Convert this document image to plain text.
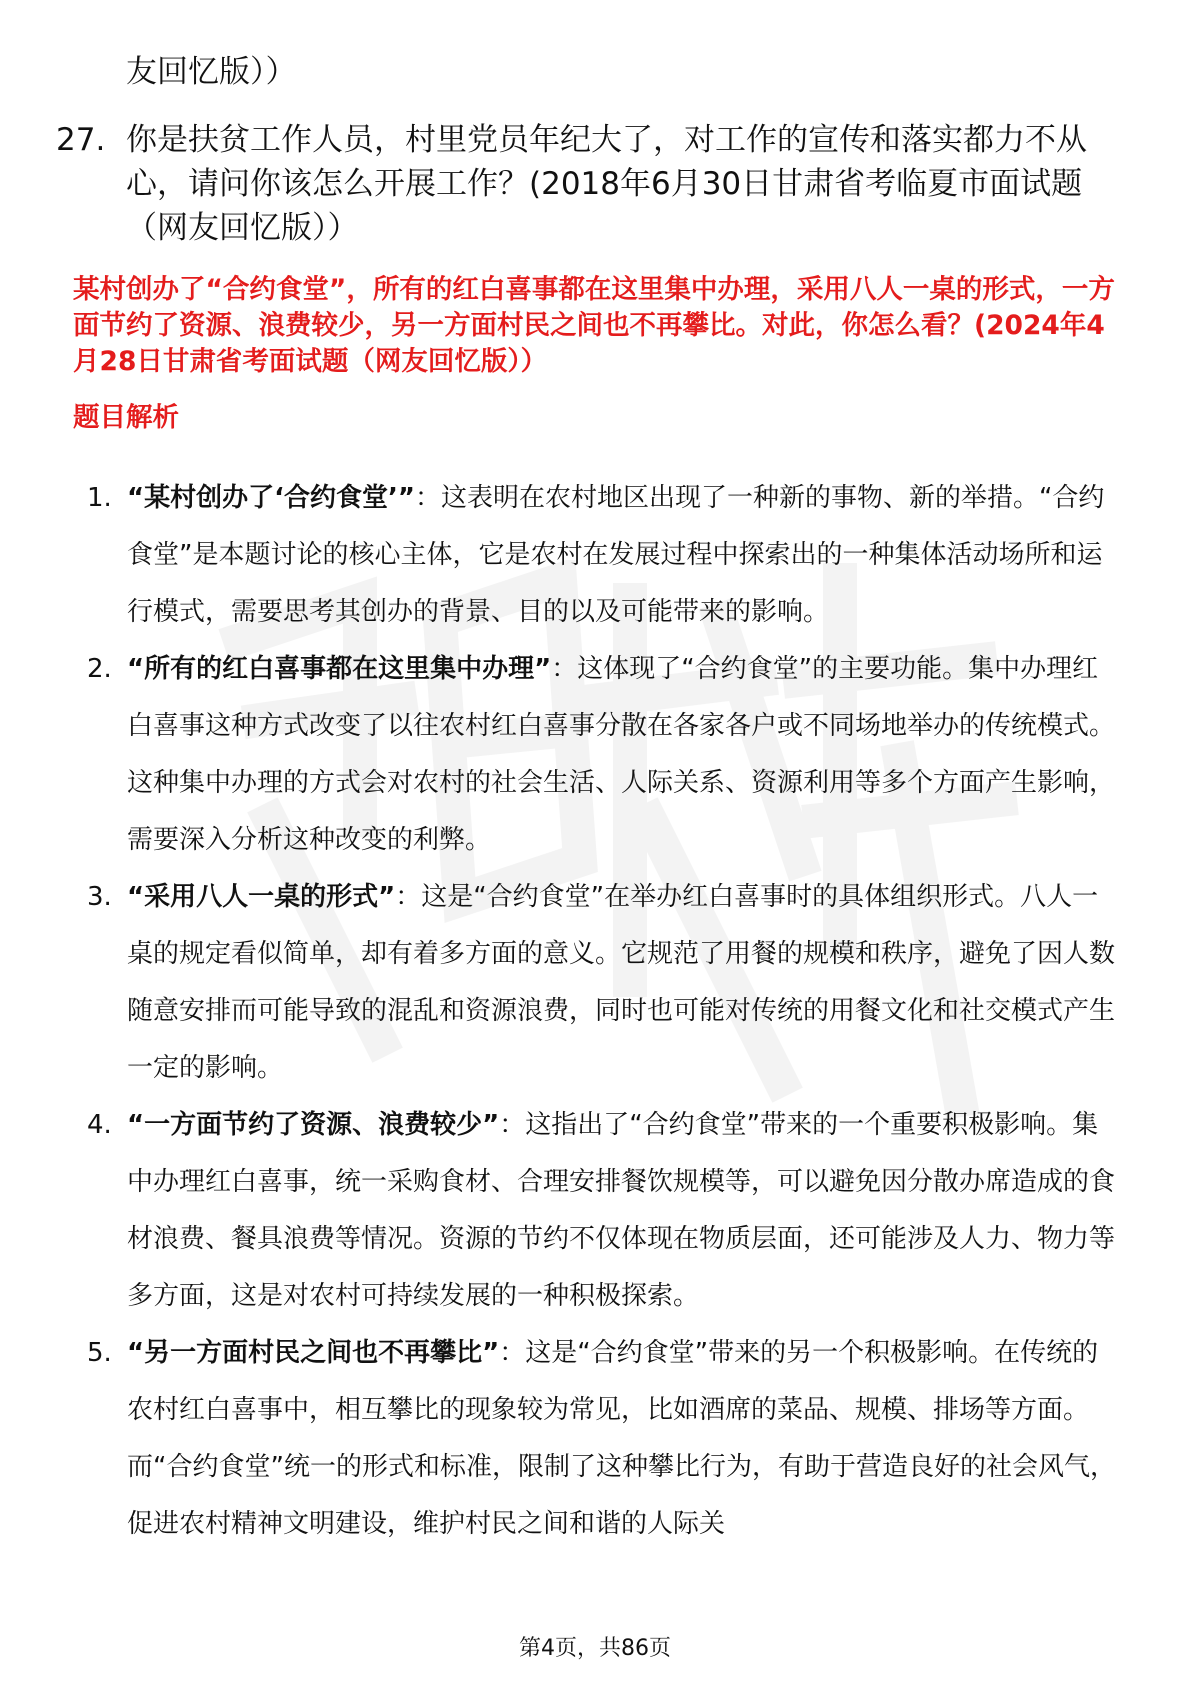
友回忆版））
27. 你是扶贫工作人员，村里党员年纪大了，对工作的宣传和落实都力不从心，请问你该怎么开展工作？(2018年6月30日甘肃省考临夏市面试题（网友回忆版））
某村创办了“合约食堂”，所有的红白喜事都在这里集中办理，采用八人一桌的形式，一方面节约了资源、浪费较少，另一方面村民之间也不再攀比。对此，你怎么看？(2024年4月28日甘肃省考面试题（网友回忆版））
题目解析
1. “某村创办了‘合约食堂’”：这表明在农村地区出现了一种新的事物、新的举措。“合约食堂”是本题讨论的核心主体，它是农村在发展过程中探索出的一种集体活动场所和运行模式，需要思考其创办的背景、目的以及可能带来的影响。
2. “所有的红白喜事都在这里集中办理”：这体现了“合约食堂”的主要功能。集中办理红白喜事这种方式改变了以往农村红白喜事分散在各家各户或不同场地举办的传统模式。这种集中办理的方式会对农村的社会生活、人际关系、资源利用等多个方面产生影响，需要深入分析这种改变的利弊。
3. “采用八人一桌的形式”：这是“合约食堂”在举办红白喜事时的具体组织形式。八人一桌的规定看似简单，却有着多方面的意义。它规范了用餐的规模和秩序，避免了因人数随意安排而可能导致的混乱和资源浪费，同时也可能对传统的用餐文化和社交模式产生一定的影响。
4. “一方面节约了资源、浪费较少”：这指出了“合约食堂”带来的一个重要积极影响。集中办理红白喜事，统一采购食材、合理安排餐饮规模等，可以避免因分散办席造成的食材浪费、餐具浪费等情况。资源的节约不仅体现在物质层面，还可能涉及人力、物力等多方面，这是对农村可持续发展的一种积极探索。
5. “另一方面村民之间也不再攀比”：这是“合约食堂”带来的另一个积极影响。在传统的农村红白喜事中，相互攀比的现象较为常见，比如酒席的菜品、规模、排场等方面。而“合约食堂”统一的形式和标准，限制了这种攀比行为，有助于营造良好的社会风气，促进农村精神文明建设，维护村民之间和谐的人际关
第4页，共86页
